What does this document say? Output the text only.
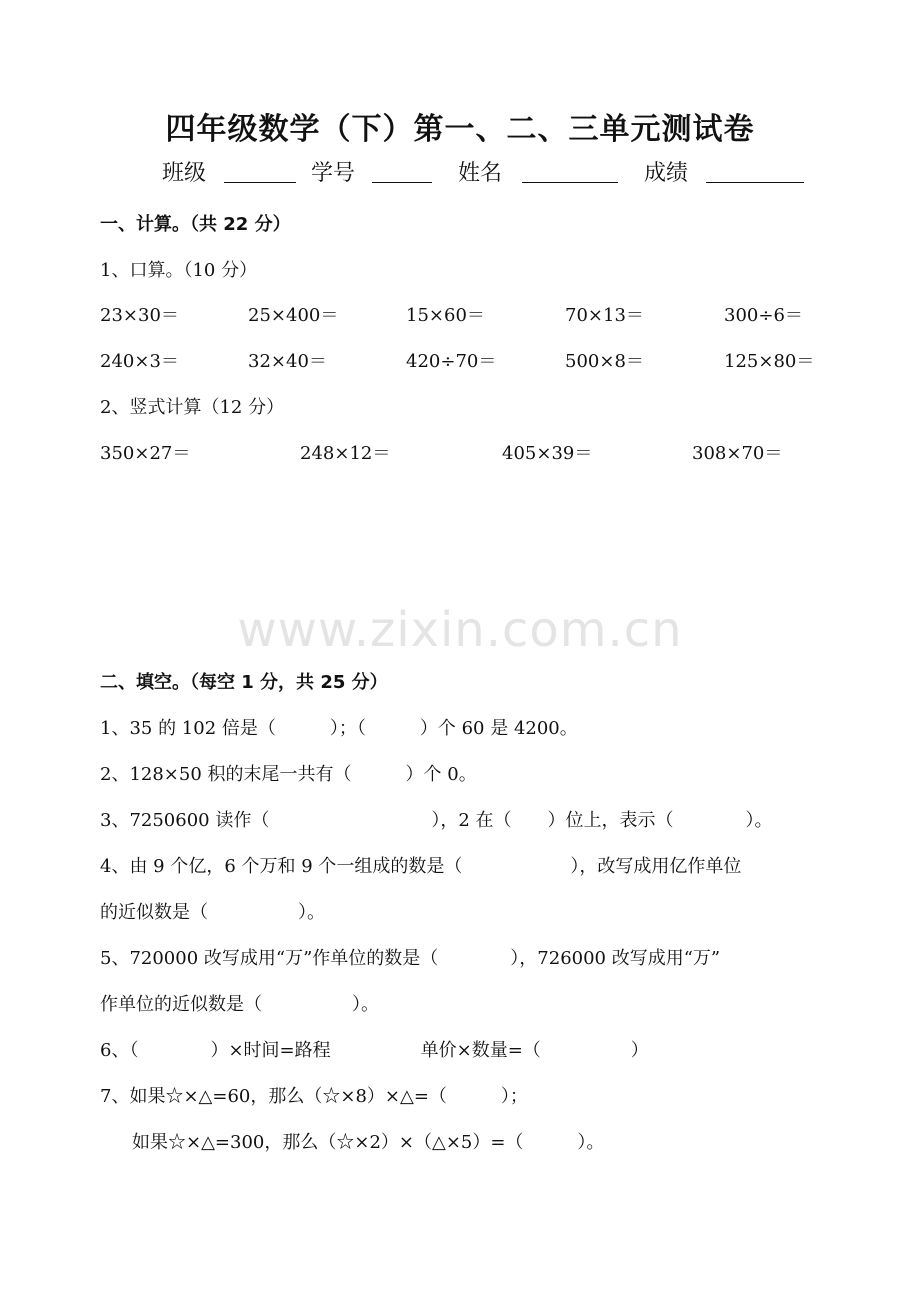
四年级数学（下）第一、二、三单元测试卷
班级	学号	姓名	成绩
一、计算。（共 22 分）
1、口算。（10 分）
23×30＝	25×400＝	15×60＝	70×13＝	300÷6＝
240×3＝	32×40＝	420÷70＝	500×8＝	125×80＝
2、竖式计算（12 分）
350×27＝	248×12＝	405×39＝	308×70＝
www.zixin.com.cn
二、填空。（每空 1 分，共 25 分）
1、35 的 102 倍是（　　　）；（　　　）个 60 是 4200。
2、128×50 积的末尾一共有（　　　）个 0。
3、7250600 读作（　　　　　　　　　），2 在（　　）位上，表示（　　　　）。
4、由 9 个亿，6 个万和 9 个一组成的数是（　　　　　　），改写成用亿作单位
的近似数是（　　　　　）。
5、720000 改写成用“万”作单位的数是（　　　　），726000 改写成用“万”
作单位的近似数是（　　　　　）。
6、（　　　　）×时间=路程　　　　　单价×数量=（　　　　　）
7、如果☆×△=60，那么（☆×8）×△=（　　　）；
如果☆×△=300，那么（☆×2）×（△×5）=（　　　）。
